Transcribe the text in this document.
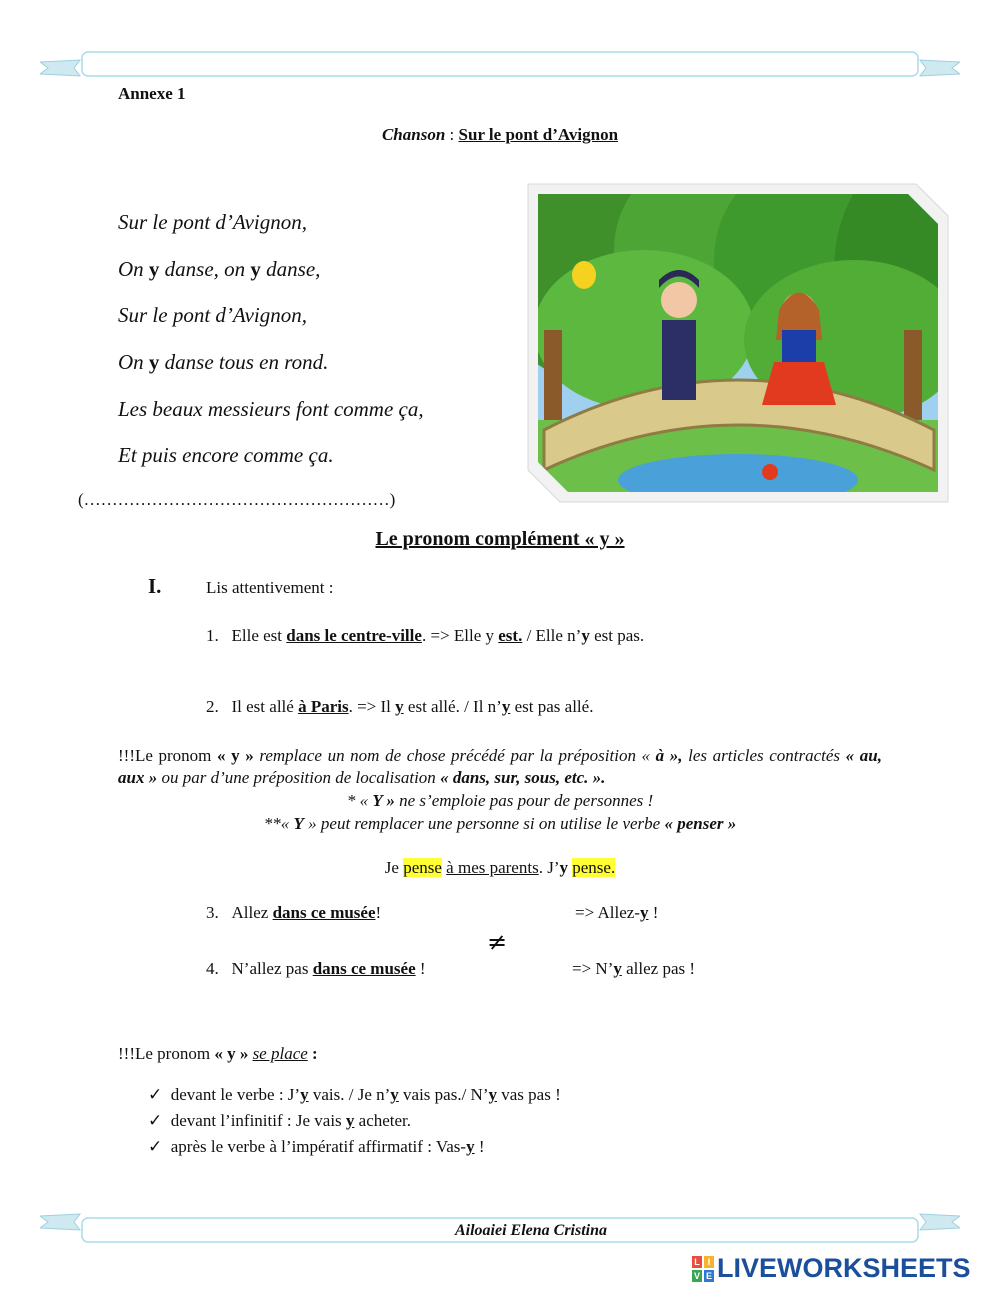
Annexe 1
Chanson : Sur le pont d’Avignon
Sur le pont d’Avignon,
On y danse, on y danse,
Sur le pont d’Avignon,
On y danse tous en rond.
Les beaux messieurs font comme ça,
Et puis encore comme ça.
(………………………………………………)
Le pronom complément « y »
I.	Lis attentivement :
1. Elle est dans le centre-ville. => Elle y est. / Elle n’y est pas.
2. Il est allé à Paris. => Il y est allé. / Il n’y est pas allé.
!!!Le pronom « y » remplace un nom de chose précédé par la préposition « à », les articles contractés « au, aux » ou par d’une préposition de localisation « dans, sur, sous, etc. ».
* « Y » ne s’emploie pas pour de personnes !
**« Y » peut remplacer une personne si on utilise le verbe « penser »
Je pense à mes parents. J’y pense.
3. Allez dans ce musée!	=> Allez-y !
≠
4. N’allez pas dans ce musée !	=> N’y allez pas !
!!!Le pronom « y » se place :
✓ devant le verbe : J’y vais. / Je n’y vais pas./ N’y vas pas !
✓ devant l’infinitif : Je vais y acheter.
✓ après le verbe à l’impératif affirmatif : Vas-y !
Ailoaiei Elena Cristina
L I
V E LIVEWORKSHEETS
